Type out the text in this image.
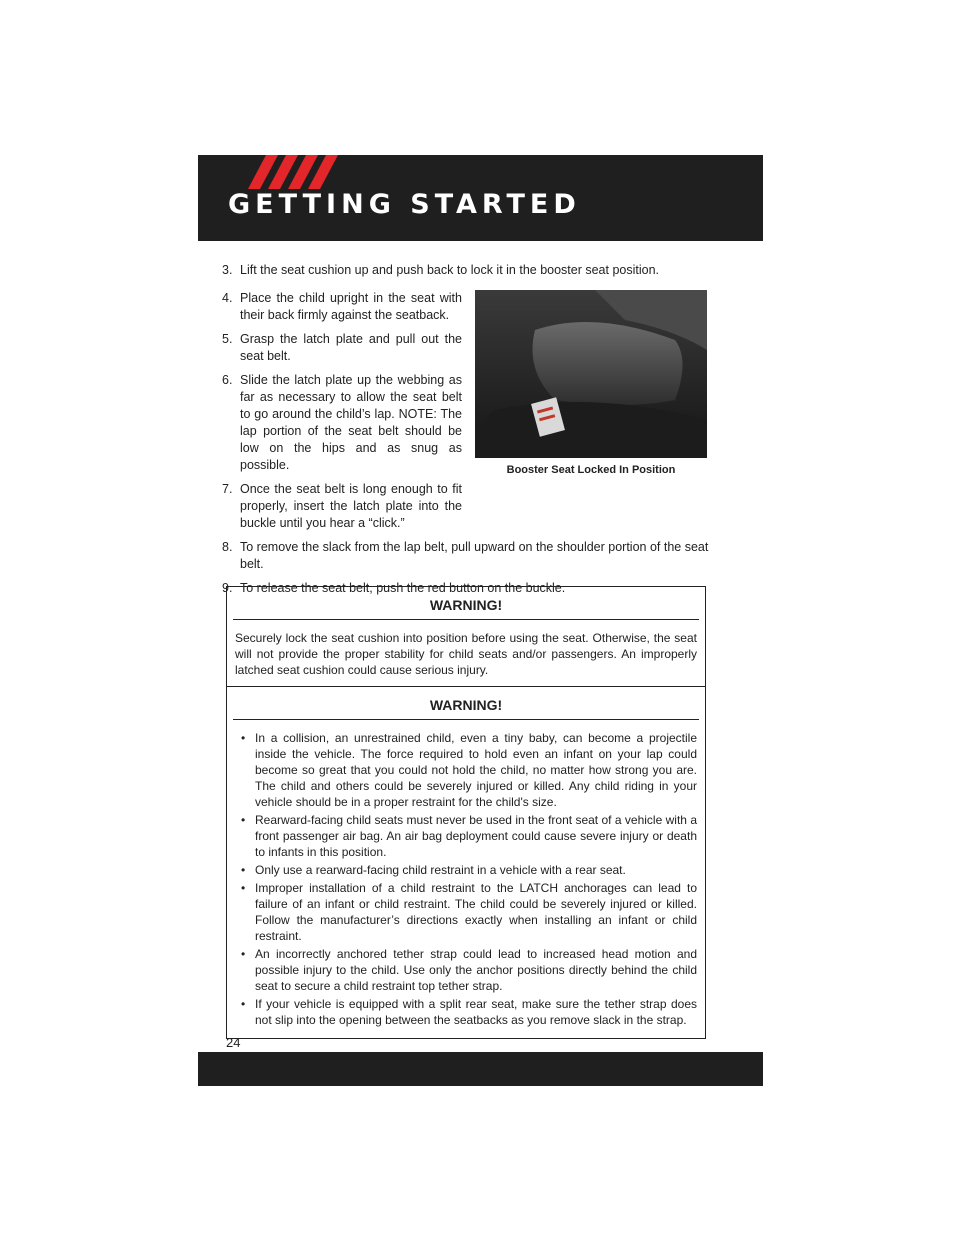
GETTING STARTED
3. Lift the seat cushion up and push back to lock it in the booster seat position.
4. Place the child upright in the seat with their back firmly against the seatback.
5. Grasp the latch plate and pull out the seat belt.
6. Slide the latch plate up the webbing as far as necessary to allow the seat belt to go around the child’s lap. NOTE: The lap portion of the seat belt should be low on the hips and as snug as possible.
7. Once the seat belt is long enough to fit properly, insert the latch plate into the buckle until you hear a “click.”
8. To remove the slack from the lap belt, pull upward on the shoulder portion of the seat belt.
9. To release the seat belt, push the red button on the buckle.
Booster Seat Locked In Position
WARNING!
Securely lock the seat cushion into position before using the seat. Otherwise, the seat will not provide the proper stability for child seats and/or passengers. An improperly latched seat cushion could cause serious injury.
WARNING!
• In a collision, an unrestrained child, even a tiny baby, can become a projectile inside the vehicle. The force required to hold even an infant on your lap could become so great that you could not hold the child, no matter how strong you are. The child and others could be severely injured or killed. Any child riding in your vehicle should be in a proper restraint for the child's size.
• Rearward-facing child seats must never be used in the front seat of a vehicle with a front passenger air bag. An air bag deployment could cause severe injury or death to infants in this position.
• Only use a rearward-facing child restraint in a vehicle with a rear seat.
• Improper installation of a child restraint to the LATCH anchorages can lead to failure of an infant or child restraint. The child could be severely injured or killed. Follow the manufacturer’s directions exactly when installing an infant or child restraint.
• An incorrectly anchored tether strap could lead to increased head motion and possible injury to the child. Use only the anchor positions directly behind the child seat to secure a child restraint top tether strap.
• If your vehicle is equipped with a split rear seat, make sure the tether strap does not slip into the opening between the seatbacks as you remove slack in the strap.
24
